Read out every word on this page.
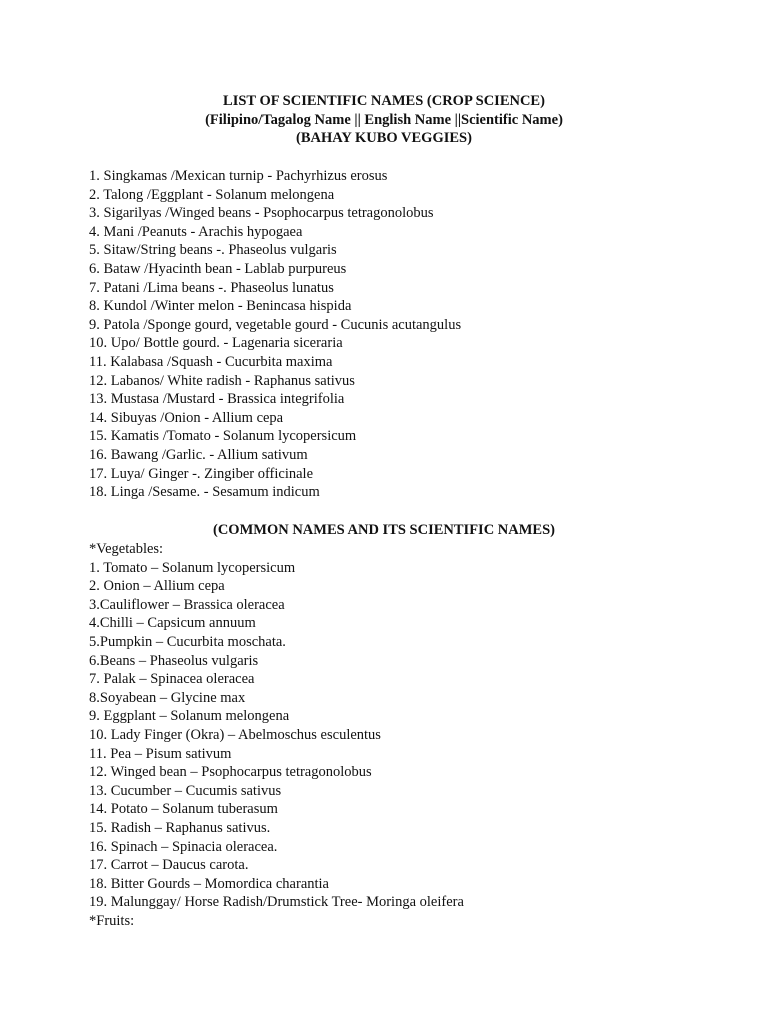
LIST OF SCIENTIFIC NAMES (CROP SCIENCE)
(Filipino/Tagalog Name || English Name ||Scientific Name)
(BAHAY KUBO VEGGIES)
1. Singkamas /Mexican turnip - Pachyrhizus erosus
2. Talong /Eggplant - Solanum melongena
3. Sigarilyas /Winged beans - Psophocarpus tetragonolobus
4. Mani /Peanuts - Arachis hypogaea
5. Sitaw/String beans -. Phaseolus vulgaris
6. Bataw /Hyacinth bean - Lablab purpureus
7. Patani /Lima beans -. Phaseolus lunatus
8. Kundol /Winter melon - Benincasa hispida
9. Patola /Sponge gourd, vegetable gourd - Cucunis acutangulus
10. Upo/ Bottle gourd. - Lagenaria siceraria
11. Kalabasa /Squash - Cucurbita maxima
12. Labanos/ White radish - Raphanus sativus
13. Mustasa /Mustard - Brassica integrifolia
14. Sibuyas /Onion - Allium cepa
15. Kamatis /Tomato - Solanum lycopersicum
16. Bawang /Garlic. - Allium sativum
17. Luya/ Ginger -. Zingiber officinale
18. Linga /Sesame. - Sesamum indicum
(COMMON NAMES AND ITS SCIENTIFIC NAMES)
*Vegetables:
1. Tomato – Solanum lycopersicum
2. Onion – Allium cepa
3.Cauliflower – Brassica oleracea
4.Chilli – Capsicum annuum
5.Pumpkin – Cucurbita moschata.
6.Beans – Phaseolus vulgaris
7. Palak – Spinacea oleracea
8.Soyabean – Glycine max
9. Eggplant – Solanum melongena
10. Lady Finger (Okra) – Abelmoschus esculentus
11. Pea – Pisum sativum
12. Winged bean – Psophocarpus tetragonolobus
13. Cucumber – Cucumis sativus
14. Potato – Solanum tuberasum
15. Radish – Raphanus sativus.
16. Spinach – Spinacia oleracea.
17. Carrot – Daucus carota.
18. Bitter Gourds – Momordica charantia
19. Malunggay/ Horse Radish/Drumstick Tree- Moringa oleifera
*Fruits:
